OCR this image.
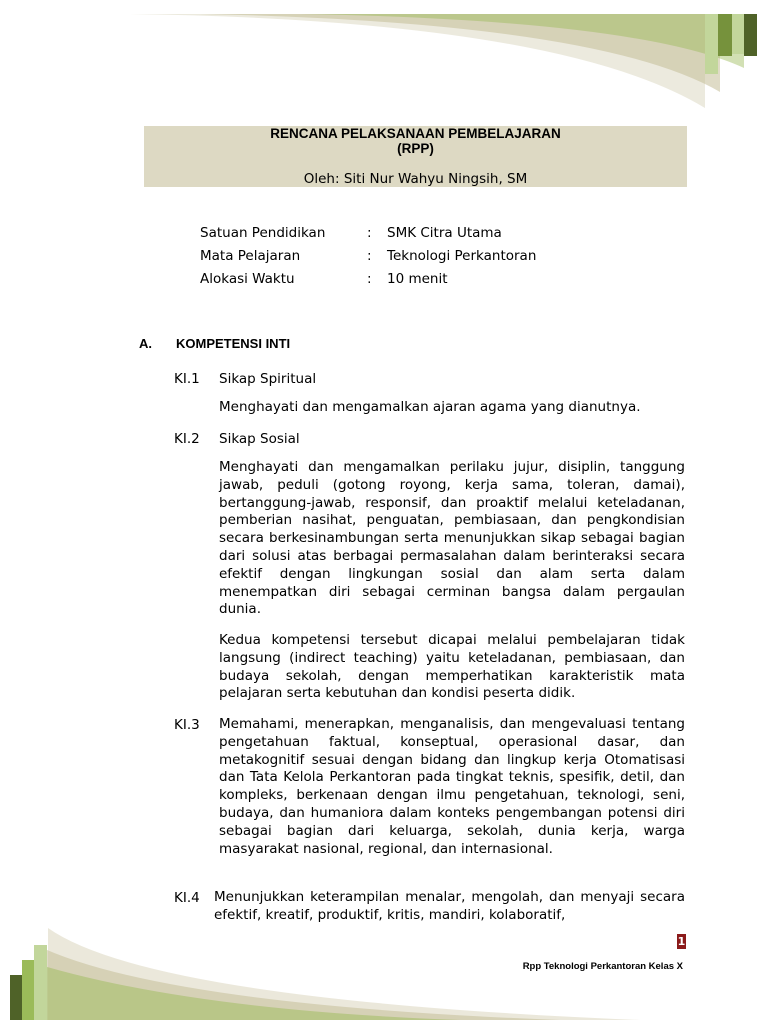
RENCANA PELAKSANAAN PEMBELAJARAN
(RPP)
Oleh: Siti Nur Wahyu Ningsih, SM
Satuan Pendidikan	: SMK Citra Utama
Mata Pelajaran	: Teknologi Perkantoran
Alokasi Waktu	: 10 menit
A. KOMPETENSI INTI
KI.1 Sikap Spiritual
Menghayati dan mengamalkan ajaran agama yang dianutnya.
KI.2 Sikap Sosial
Menghayati dan mengamalkan perilaku jujur, disiplin, tanggung jawab, peduli (gotong royong, kerja sama, toleran, damai), bertanggung-jawab, responsif, dan proaktif melalui keteladanan, pemberian nasihat, penguatan, pembiasaan, dan pengkondisian secara berkesinambungan serta menunjukkan sikap sebagai bagian dari solusi atas berbagai permasalahan dalam berinteraksi secara efektif dengan lingkungan sosial dan alam serta dalam menempatkan diri sebagai cerminan bangsa dalam pergaulan dunia.
Kedua kompetensi tersebut dicapai melalui pembelajaran tidak langsung (indirect teaching) yaitu keteladanan, pembiasaan, dan budaya sekolah, dengan memperhatikan karakteristik mata pelajaran serta kebutuhan dan kondisi peserta didik.
KI.3 Memahami, menerapkan, menganalisis, dan mengevaluasi tentang pengetahuan faktual, konseptual, operasional dasar, dan metakognitif sesuai dengan bidang dan lingkup kerja Otomatisasi dan Tata Kelola Perkantoran pada tingkat teknis, spesifik, detil, dan kompleks, berkenaan dengan ilmu pengetahuan, teknologi, seni, budaya, dan humaniora dalam konteks pengembangan potensi diri sebagai bagian dari keluarga, sekolah, dunia kerja, warga masyarakat nasional, regional, dan internasional.
KI.4 Menunjukkan keterampilan menalar, mengolah, dan menyaji secara efektif, kreatif, produktif, kritis, mandiri, kolaboratif,
1
Rpp Teknologi Perkantoran Kelas X
